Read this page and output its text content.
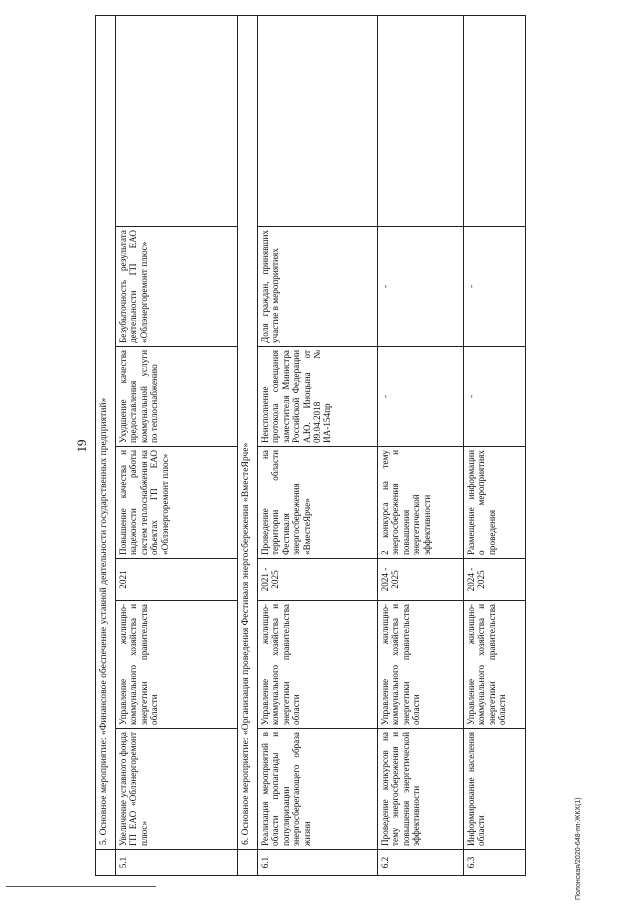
19
	5. Основное мероприятие: «Финансовое обеспечение уставной деятельности государственных предприятий»						
5.1	Увеличение уставного фонда ГП ЕАО «Облэнергоремонт плюс»	Управление жилищно-коммунального хозяйства и энергетики правительства области	2021	Повышение качества и надежности работы систем теплоснабжения на объектах ГП ЕАО «Облэнергоремонт плюс»	Ухудшение качества предоставления коммунальной услуги по теплоснабжению	Безубыточность результата деятельности ГП ЕАО «Облэнергоремонт плюс»	
	6. Основное мероприятие: «Организация проведения Фестиваля энергосбережения «ВместеЯрче»						
6.1	Реализация мероприятий в области пропаганды и популяризации энергосберегающего образа жизни	Управление жилищно-коммунального хозяйства и энергетики правительства области	2021 - 2025	Проведение на территории области Фестиваля энергосбережения «ВместеЯрче»	Неисполнение протокола совещания заместителя Министра Российской Федерации А.Ю. Иноцына от 09.04.2018 № ИА-154пр	Доля граждан, принявших участие в мероприятиях	
6.2	Проведение конкурсов на тему энергосбережения и повышения энергетической эффективности	Управление жилищно-коммунального хозяйства и энергетики правительства области	2024 - 2025	2 конкурса на тему энергосбережения и повышения энергетической эффективности	-	-	
6.3	Информирование населения области	Управление жилищно-коммунального хозяйства и энергетики правительства области	2024 - 2025	Размещение информации о мероприятиях проведения	-	-	
Полонская/2020-648-пп-ЖКХ(1)
